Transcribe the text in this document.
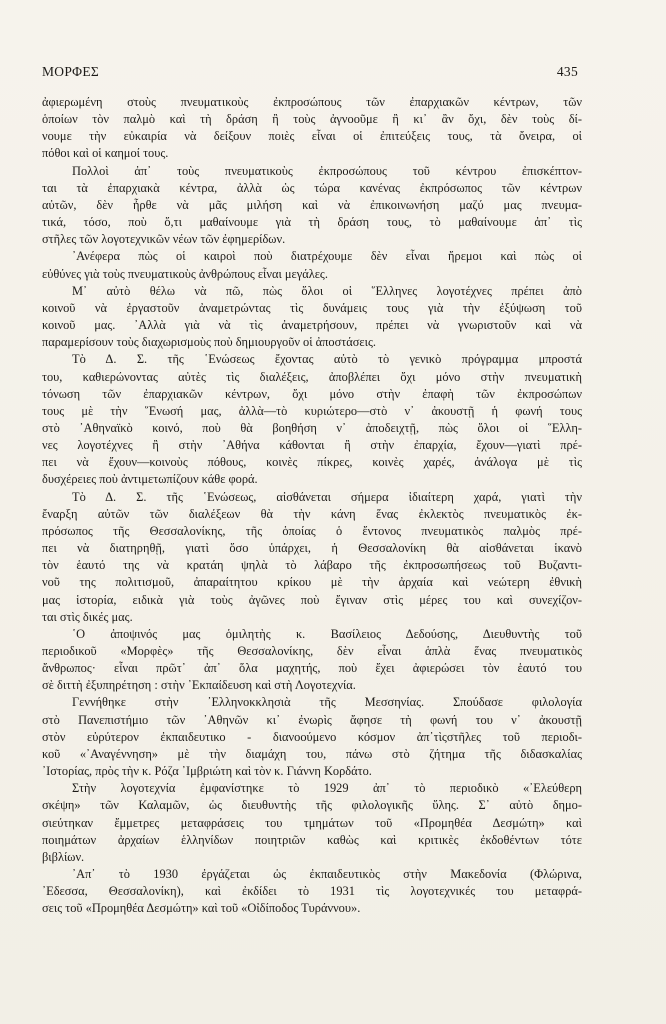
ΜΟΡΦΕΣ	435
ἀφιερωμένη στοὺς πνευματικοὺς ἐκπροσώπους τῶν ἐπαρχιακῶν κέντρων, τῶν
ὁποίων τὸν παλμὸ καὶ τὴ δράση ἢ τοὺς ἀγνοοῦμε ἢ κι᾽ ἂν ὄχι, δὲν τοὺς δί-
νουμε τὴν εὐκαιρία νὰ δείξουν ποιὲς εἶναι οἱ ἐπιτεύξεις τους, τὰ ὄνειρα, οἱ
πόθοι καὶ οἱ καημοί τους.
Πολλοὶ ἀπ᾽ τοὺς πνευματικοὺς ἐκπροσώπους τοῦ κέντρου ἐπισκέπτον-
ται τὰ ἐπαρχιακὰ κέντρα, ἀλλὰ ὡς τώρα κανένας ἐκπρόσωπος τῶν κέντρων
αὐτῶν, δὲν ἦρθε νὰ μᾶς μιλήση καὶ νὰ ἐπικοινωνήση μαζύ μας πνευμα-
τικά, τόσο, ποὺ ὅ,τι μαθαίνουμε γιὰ τὴ δράση τους, τὸ μαθαίνουμε ἀπ᾽ τὶς
στῆλες τῶν λογοτεχνικῶν νέων τῶν ἐφημερίδων.
᾽Ανέφερα πὼς οἱ καιροὶ ποὺ διατρέχουμε δὲν εἶναι ἤρεμοι καὶ πὼς οἱ
εὐθύνες γιὰ τοὺς πνευματικοὺς ἀνθρώπους εἶναι μεγάλες.
Μ᾽ αὐτὸ θέλω νὰ πῶ, πὼς ὅλοι οἱ ῞Ελληνες λογοτέχνες πρέπει ἀπὸ
κοινοῦ νὰ ἐργαστοῦν ἀναμετρώντας τὶς δυνάμεις τους γιὰ τὴν ἐξύψωση τοῦ
κοινοῦ μας. ᾽Αλλὰ γιὰ νὰ τὶς ἀναμετρήσουν, πρέπει νὰ γνωριστοῦν καὶ νὰ
παραμερίσουν τοὺς διαχωρισμοὺς ποὺ δημιουργοῦν οἱ ἀποστάσεις.
Τὸ Δ. Σ. τῆς ῾Ενώσεως ἔχοντας αὐτὸ τὸ γενικὸ πρόγραμμα μπροστά
του, καθιερώνοντας αὐτὲς τὶς διαλέξεις, ἀποβλέπει ὄχι μόνο στὴν πνευματικὴ
τόνωση τῶν ἐπαρχιακῶν κέντρων, ὄχι μόνο στὴν ἐπαφὴ τῶν ἐκπροσώπων
τους μὲ τὴν ῞Ενωσή μας, ἀλλὰ—τὸ κυριώτερο—στὸ ν᾽ ἀκουστῇ ἡ φωνή τους
στὸ ᾽Αθηναϊκὸ κοινό, ποὺ θὰ βοηθήση ν᾽ ἀποδειχτῇ, πὼς ὅλοι οἱ ῞Ελλη-
νες λογοτέχνες ἢ στὴν ᾽Αθήνα κάθονται ἢ στὴν ἐπαρχία, ἔχουν—γιατὶ πρέ-
πει νὰ ἔχουν—κοινοὺς πόθους, κοινὲς πίκρες, κοινὲς χαρές, ἀνάλογα μὲ τὶς
δυσχέρειες ποὺ ἀντιμετωπίζουν κάθε φορά.
Τὸ Δ. Σ. τῆς ῾Ενώσεως, αἰσθάνεται σήμερα ἰδιαίτερη χαρά, γιατὶ τὴν
ἔναρξη αὐτῶν τῶν διαλέξεων θὰ τὴν κάνη ἕνας ἐκλεκτὸς πνευματικὸς ἐκ-
πρόσωπος τῆς Θεσσαλονίκης, τῆς ὁποίας ὁ ἔντονος πνευματικὸς παλμὸς πρέ-
πει νὰ διατηρηθῇ, γιατὶ ὅσο ὑπάρχει, ἡ Θεσσαλονίκη θὰ αἰσθάνεται ἱκανὸ
τὸν ἑαυτό της νὰ κρατάη ψηλὰ τὸ λάβαρο τῆς ἐκπροσωπήσεως τοῦ Βυζαντι-
νοῦ της πολιτισμοῦ, ἀπαραίτητου κρίκου μὲ τὴν ἀρχαία καὶ νεώτερη ἐθνικὴ
μας ἱστορία, ειδικὰ γιὰ τοὺς ἀγῶνες ποὺ ἔγιναν στὶς μέρες του καὶ συνεχίζον-
ται στὶς δικές μας.
῾Ο ἀποψινός μας ὁμιλητὴς κ. Βασίλειος Δεδούσης, Διευθυντὴς τοῦ
περιοδικοῦ «Μορφὲς» τῆς Θεσσαλονίκης, δὲν εἶναι ἁπλὰ ἕνας πνευματικὸς
ἄνθρωπος· εἶναι πρῶτ᾽ ἀπ᾽ ὅλα μαχητής, ποὺ ἔχει ἀφιερώσει τὸν ἑαυτό του
σὲ διττὴ ἐξυπηρέτηση : στὴν ᾽Εκπαίδευση καὶ στὴ Λογοτεχνία.
Γεννήθηκε στὴν ᾽Ελληνοκκλησιὰ τῆς Μεσσηνίας. Σπούδασε φιλολογία
στὸ Πανεπιστήμιο τῶν ᾽Αθηνῶν κι᾽ ἐνωρὶς ἄφησε τὴ φωνή του ν᾽ ἀκουστῇ
στὸν εὐρύτερον ἐκπαιδευτικο - διανοούμενο κόσμον ἀπ᾽τὶςστῆλες τοῦ περιοδι-
κοῦ «᾽Αναγέννηση» μὲ τὴν διαμάχη του, πάνω στὸ ζήτημα τῆς διδασκαλίας
᾽Ιστορίας, πρὸς τὴν κ. Ρόζα ᾽Ιμβριώτη καὶ τὸν κ. Γιάννη Κορδάτο.
Στὴν λογοτεχνία ἐμφανίστηκε τὸ 1929 ἀπ᾽ τὸ περιοδικὸ «᾽Ελεύθερη
σκέψη» τῶν Καλαμῶν, ὡς διευθυντὴς τῆς φιλολογικῆς ὕλης. Σ᾽ αὐτὸ δημο-
σιεύτηκαν ἔμμετρες μεταφράσεις του τμημάτων τοῦ «Προμηθέα Δεσμώτη» καὶ
ποιημάτων ἀρχαίων ἑλληνίδων ποιητριῶν καθὼς καὶ κριτικὲς ἐκδοθέντων τότε
βιβλίων.
᾽Απ᾽ τὸ 1930 ἐργάζεται ὡς ἐκπαιδευτικὸς στὴν Μακεδονία (Φλώρινα,
᾽Εδεσσα, Θεσσαλονίκη), καὶ ἐκδίδει τὸ 1931 τὶς λογοτεχνικές του μεταφρά-
σεις τοῦ «Προμηθέα Δεσμώτη» καὶ τοῦ «Οἰδίποδος Τυράννου».
